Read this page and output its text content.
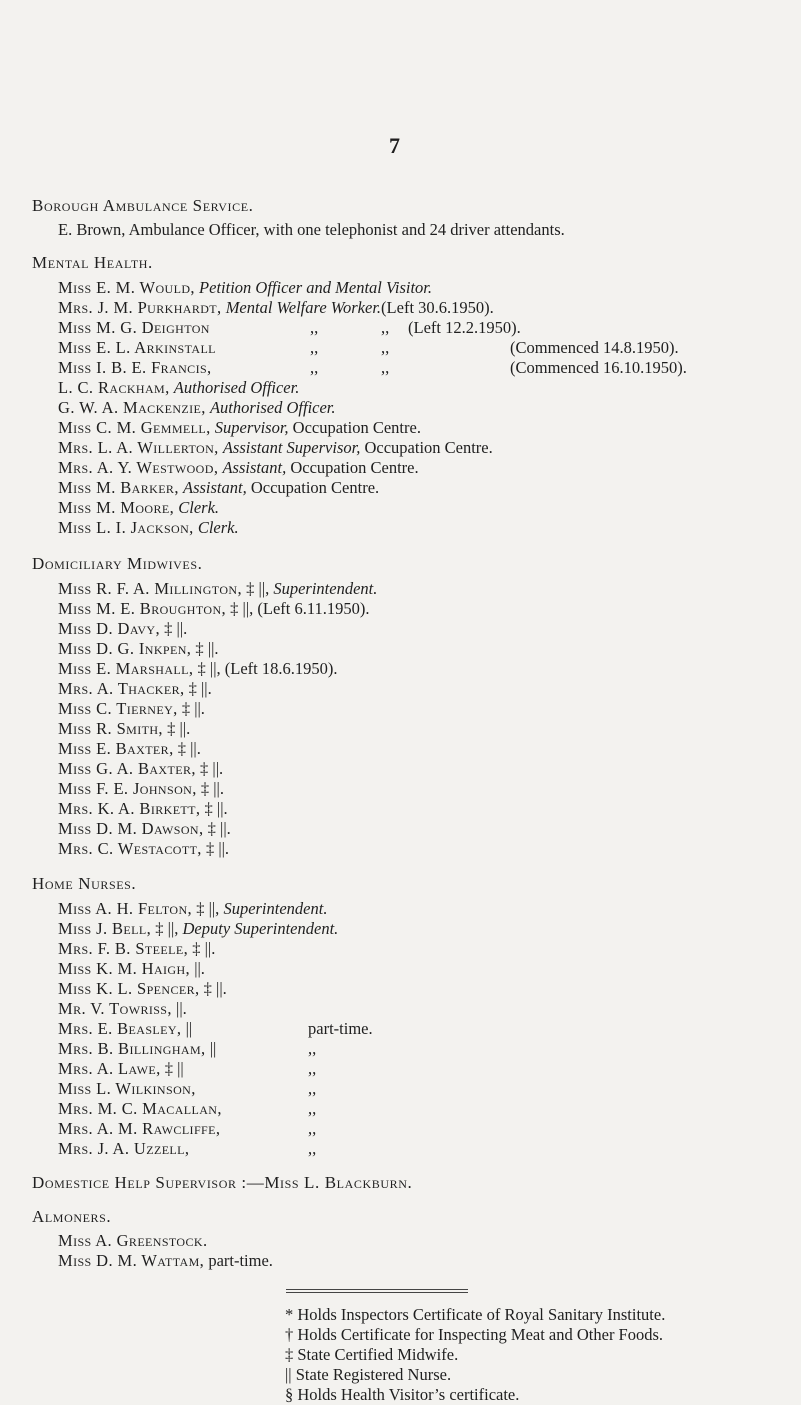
7
Borough Ambulance Service.
E. Brown, Ambulance Officer, with one telephonist and 24 driver attendants.
Mental Health.
Miss E. M. Would, Petition Officer and Mental Visitor.
Mrs. J. M. Purkhardt, Mental Welfare Worker.(Left 30.6.1950).
Miss M. G. Deighton	,,	,, (Left 12.2.1950).
Miss E. L. Arkinstall	,,	,,	(Commenced 14.8.1950).
Miss I. B. E. Francis,	,,	,,	(Commenced 16.10.1950).
L. C. Rackham, Authorised Officer.
G. W. A. Mackenzie, Authorised Officer.
Miss C. M. Gemmell, Supervisor, Occupation Centre.
Mrs. L. A. Willerton, Assistant Supervisor, Occupation Centre.
Mrs. A. Y. Westwood, Assistant, Occupation Centre.
Miss M. Barker, Assistant, Occupation Centre.
Miss M. Moore, Clerk.
Miss L. I. Jackson, Clerk.
Domiciliary Midwives.
Miss R. F. A. Millington, ‡ ||, Superintendent.
Miss M. E. Broughton, ‡ ||, (Left 6.11.1950).
Miss D. Davy, ‡ ||.
Miss D. G. Inkpen, ‡ ||.
Miss E. Marshall, ‡ ||, (Left 18.6.1950).
Mrs. A. Thacker, ‡ ||.
Miss C. Tierney, ‡ ||.
Miss R. Smith, ‡ ||.
Miss E. Baxter, ‡ ||.
Miss G. A. Baxter, ‡ ||.
Miss F. E. Johnson, ‡ ||.
Mrs. K. A. Birkett, ‡ ||.
Miss D. M. Dawson, ‡ ||.
Mrs. C. Westacott, ‡ ||.
Home Nurses.
Miss A. H. Felton, ‡ ||, Superintendent.
Miss J. Bell, ‡ ||, Deputy Superintendent.
Mrs. F. B. Steele, ‡ ||.
Miss K. M. Haigh, ||.
Miss K. L. Spencer, ‡ ||.
Mr. V. Towriss, ||.
Mrs. E. Beasley, ||	part-time.
Mrs. B. Billingham, ||	,,
Mrs. A. Lawe, ‡ ||	,,
Miss L. Wilkinson,	,,
Mrs. M. C. Macallan,	,,
Mrs. A. M. Rawcliffe,	,,
Mrs. J. A. Uzzell,	,,
Domestice Help Supervisor :—Miss L. Blackburn.
Almoners.
Miss A. Greenstock.
Miss D. M. Wattam, part-time.
* Holds Inspectors Certificate of Royal Sanitary Institute.
† Holds Certificate for Inspecting Meat and Other Foods.
‡ State Certified Midwife.
|| State Registered Nurse.
§ Holds Health Visitor’s certificate.
